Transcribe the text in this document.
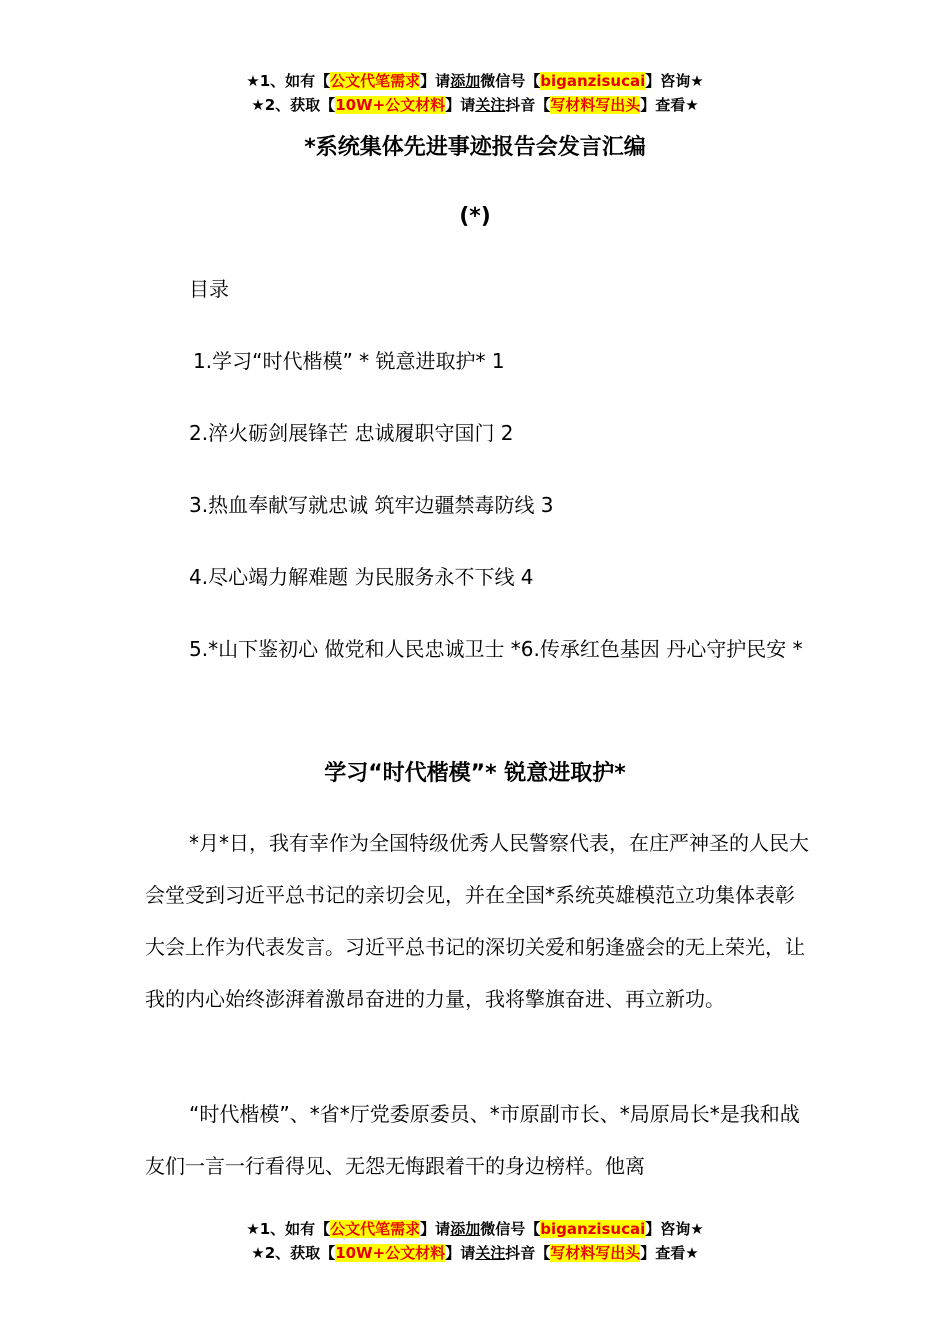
★1、如有【公文代笔需求】请添加微信号【biganzisucai】咨询★
★2、获取【10W+公文材料】请关注抖音【写材料写出头】查看★
*系统集体先进事迹报告会发言汇编
(*)
目录
1.学习“时代楷模” * 锐意进取护* 1
2.淬火砺剑展锋芒 忠诚履职守国门 2
3.热血奉献写就忠诚 筑牢边疆禁毒防线 3
4.尽心竭力解难题 为民服务永不下线 4
5.*山下鉴初心 做党和人民忠诚卫士 *6.传承红色基因 丹心守护民安 *
学习“时代楷模”* 锐意进取护*
*月*日，我有幸作为全国特级优秀人民警察代表，在庄严神圣的人民大会堂受到习近平总书记的亲切会见，并在全国*系统英雄模范立功集体表彰大会上作为代表发言。习近平总书记的深切关爱和躬逢盛会的无上荣光，让我的内心始终澎湃着激昂奋进的力量，我将擎旗奋进、再立新功。
“时代楷模”、*省*厅党委原委员、*市原副市长、*局原局长*是我和战友们一言一行看得见、无怨无悔跟着干的身边榜样。他离
★1、如有【公文代笔需求】请添加微信号【biganzisucai】咨询★
★2、获取【10W+公文材料】请关注抖音【写材料写出头】查看★
